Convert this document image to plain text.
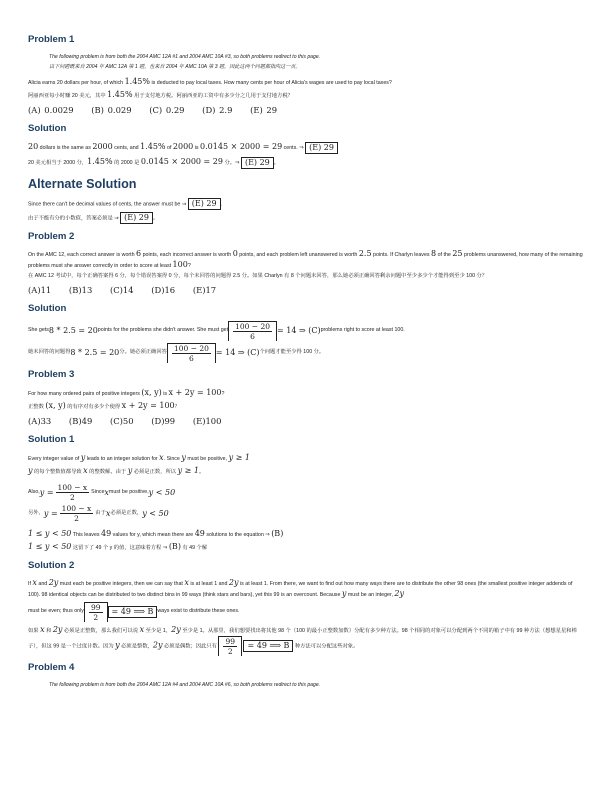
Problem 1
The following problem is from both the 2004 AMC 12A #1 and 2004 AMC 10A #3, so both problems redirect to this page.
以下问题既来自 2004 年 AMC 12A 第 1 题，也来自 2004 年 AMC 10A 第 3 题，因此这两个问题都指向这一页。
Alicia earns 20 dollars per hour, of which 1.45% is deducted to pay local taxes. How many cents per hour of Alicia's wages are used to pay local taxes?
阿丽西亚每小时赚 20 美元，其中 1.45% 用于支付地方税。阿丽西亚的工资中有多少分之几用于支付地方税？
(A) 0.0029 (B) 0.029 (C) 0.29 (D) 2.9 (E) 29
Solution
20 dollars is the same as 2000 cents, and 1.45% of 2000 is 0.0145 × 2000 = 29 cents. ⇒ (E) 29
20 美元相当于 2000 分，1.45% 的 2000 是 0.0145 × 2000 = 29 分。⇒ (E) 29 。
Alternate Solution
Since there can't be decimal values of cents, the answer must be ⇒ (E) 29 .
由于不能有分的小数值，答案必须是 ⇒ (E) 29 。
Problem 2
On the AMC 12, each correct answer is worth 6 points, each incorrect answer is worth 0 points, and each problem left unanswered is worth 2.5 points. If Charlyn leaves 8 of the 25 problems unanswered, how many of the remaining problems must she answer correctly in order to score at least 100?
在 AMC 12 考试中，每个正确答案得 6 分，每个错误答案得 0 分，每个未回答的问题得 2.5 分。如果 Charlyn 有 8 个问题未回答，那么她必须正确回答剩余问题中至少多少个才能得到至少 100 分？
(A)11 (B)13 (C)14 (D)16 (E)17
Solution
She gets 8 * 2.5 = 20 points for the problems she didn't answer. She must get $\frac{100 - 20}{6} = 14$ ⇒ (C) problems right to score at least 100.
她未回答的问题得 8 * 2.5 = 20 分。她必须正确回答 $\frac{100 - 20}{6} = 14$ ⇒ (C) 个问题才能至少得 100 分。
Problem 3
For how many ordered pairs of positive integers (x, y) is x + 2y = 100?
正整数 (x, y) 的有序对有多少个使得 x + 2y = 100？
(A)33 (B)49 (C)50 (D)99 (E)100
Solution 1
Every integer value of y leads to an integer solution for x. Since y must be positive, y ≥ 1
y 的每个整数值都导致 x 的整数解。由于 y 必须是正数，所以 y ≥ 1。
Also, $y = \frac{100 - x}{2}$ Since x must be positive, y < 50
另外， $y = \frac{100 - x}{2}$ 由于 x 必须是正数， y < 50
1 ≤ y < 50 This leaves 49 values for y, which mean there are 49 solutions to the equation ⇒ (B)
1 ≤ y < 50 这留下了 49 个 y 的值，这意味着方程 ⇒ (B) 有 49 个解
Solution 2
If x and 2y must each be positive integers, then we can say that x is at least 1 and 2y is at least 1. From there, we want to find out how many ways there are to distribute the other 98 ones (the smallest positive integer addends of 100). 98 identical objects can be distributed to two distinct bins in 99 ways (think stars and bars), yet this 99 is an overcount. Because y must be an integer, 2y
must be even; thus only $\frac{99}{2}$	= 49 ⟹ B ways exist to distribute these ones.
如果 x 和 2y 必须是正整数，那么我们可以说 x 至少是 1，2y 至少是 1。从那里，我们想要找出将其他 98 个（100 的最小正整数加数）分配有多少种方法。98 个相同的对象可以分配到两个不同的箱子中有 99 种方法（想想星星和棒子），但这 99 是一个过度计数。因为 y 必须是整数，2y 必须是偶数；因此只有 $\frac{99}{2} = 49$ ⟹ B 种方法可以分配这些对象。
Problem 4
The following problem is from both the 2004 AMC 12A #4 and 2004 AMC 10A #6, so both problems redirect to this page.
